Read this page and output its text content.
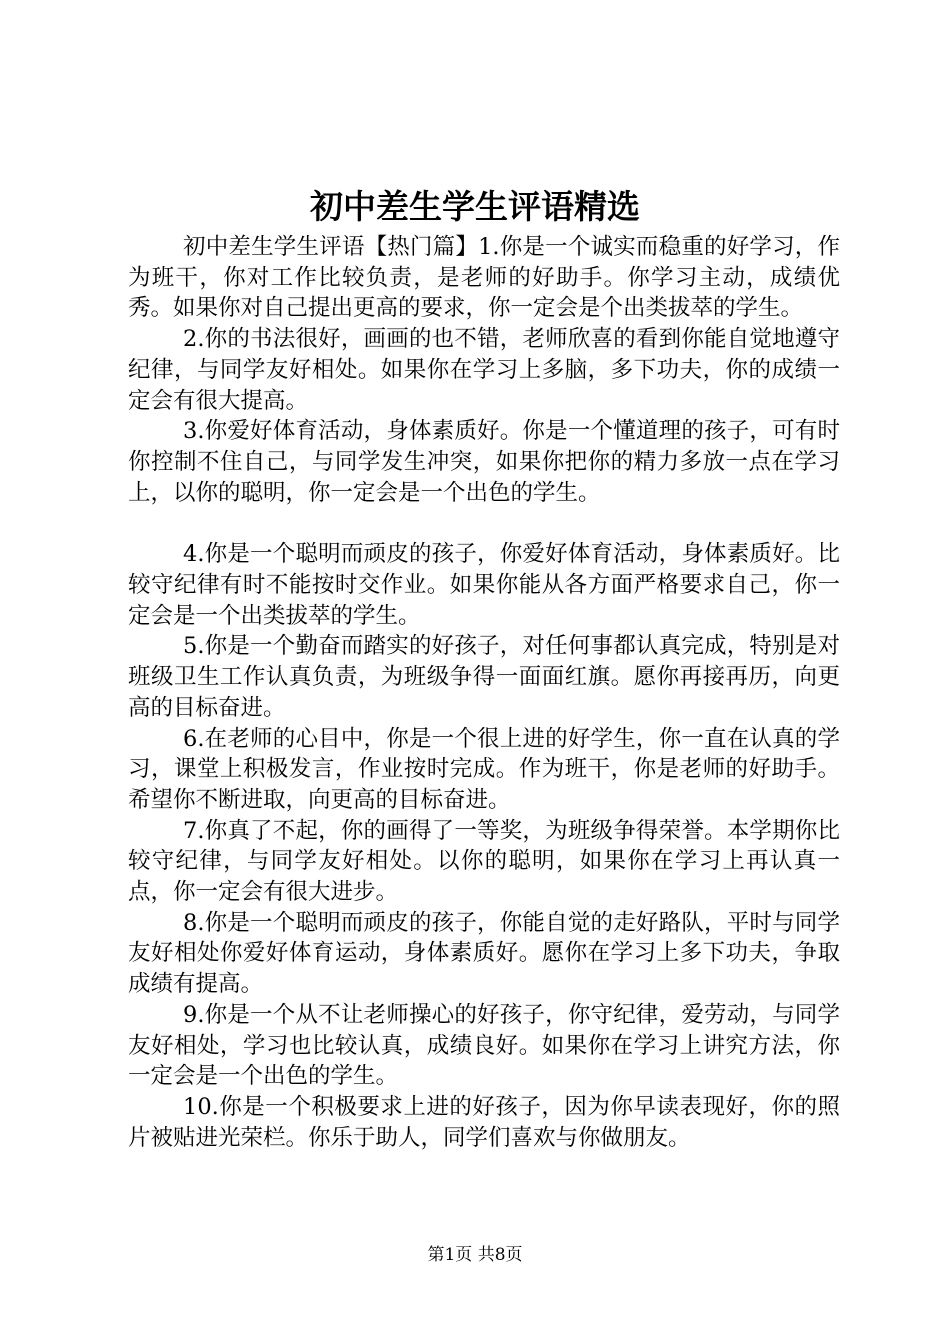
初中差生学生评语精选

初中差生学生评语【热门篇】1.你是一个诚实而稳重的好学习，作为班干，你对工作比较负责，是老师的好助手。你学习主动，成绩优秀。如果你对自己提出更高的要求，你一定会是个出类拔萃的学生。

2.你的书法很好，画画的也不错，老师欣喜的看到你能自觉地遵守纪律，与同学友好相处。如果你在学习上多脑，多下功夫，你的成绩一定会有很大提高。

3.你爱好体育活动，身体素质好。你是一个懂道理的孩子，可有时你控制不住自己，与同学发生冲突，如果你把你的精力多放一点在学习上，以你的聪明，你一定会是一个出色的学生。

4.你是一个聪明而顽皮的孩子，你爱好体育活动，身体素质好。比较守纪律有时不能按时交作业。如果你能从各方面严格要求自己，你一定会是一个出类拔萃的学生。

5.你是一个勤奋而踏实的好孩子，对任何事都认真完成，特别是对班级卫生工作认真负责，为班级争得一面面红旗。愿你再接再历，向更高的目标奋进。

6.在老师的心目中，你是一个很上进的好学生，你一直在认真的学习，课堂上积极发言，作业按时完成。作为班干，你是老师的好助手。希望你不断进取，向更高的目标奋进。

7.你真了不起，你的画得了一等奖，为班级争得荣誉。本学期你比较守纪律，与同学友好相处。以你的聪明，如果你在学习上再认真一点，你一定会有很大进步。

8.你是一个聪明而顽皮的孩子，你能自觉的走好路队，平时与同学友好相处你爱好体育运动，身体素质好。愿你在学习上多下功夫，争取成绩有提高。

9.你是一个从不让老师操心的好孩子，你守纪律，爱劳动，与同学友好相处，学习也比较认真，成绩良好。如果你在学习上讲究方法，你一定会是一个出色的学生。

10.你是一个积极要求上进的好孩子，因为你早读表现好，你的照片被贴进光荣栏。你乐于助人，同学们喜欢与你做朋友。

第1页 共8页
